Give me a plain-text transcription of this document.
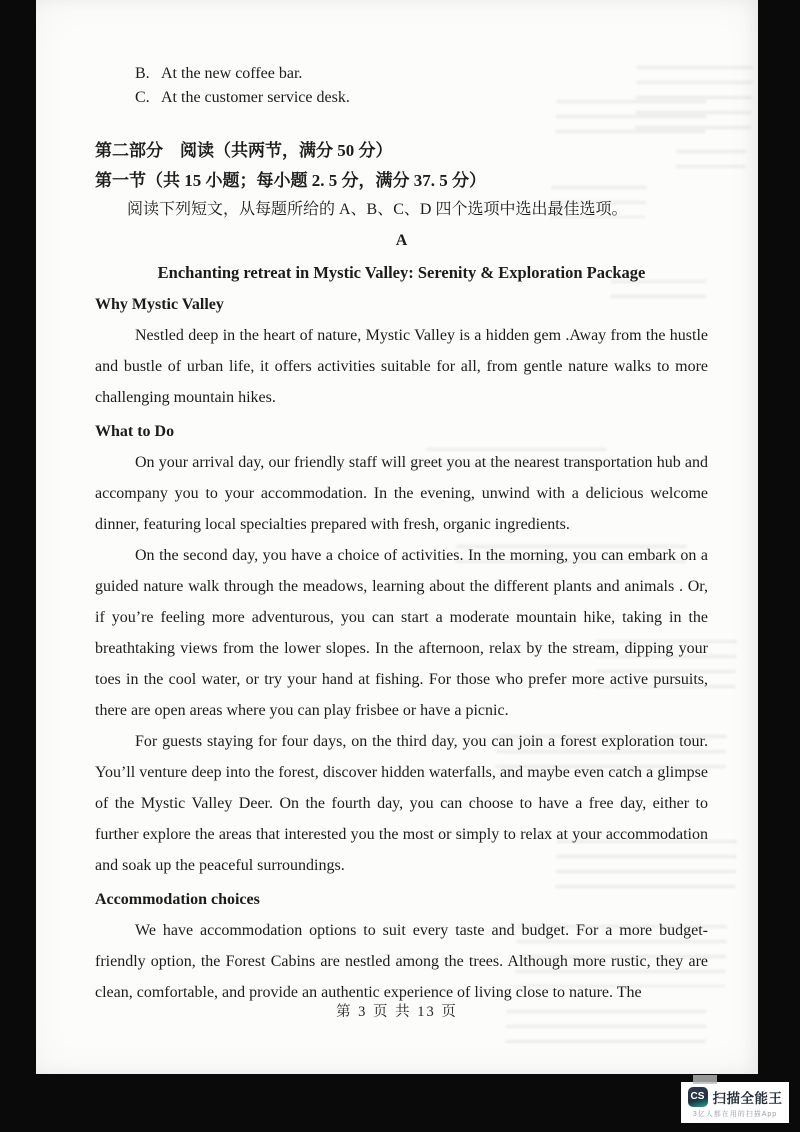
B. At the new coffee bar.
C. At the customer service desk.
第二部分　阅读（共两节，满分 50 分）
第一节（共 15 小题；每小题 2. 5 分，满分 37. 5 分）

阅读下列短文，从每题所给的 A、B、C、D 四个选项中选出最佳选项。

A
Enchanting retreat in Mystic Valley: Serenity & Exploration Package
Why Mystic Valley

Nestled deep in the heart of nature, Mystic Valley is a hidden gem .Away from the hustle and bustle of urban life, it offers activities suitable for all, from gentle nature walks to more challenging mountain hikes.

What to Do

On your arrival day, our friendly staff will greet you at the nearest transportation hub and accompany you to your accommodation. In the evening, unwind with a delicious welcome dinner, featuring local specialties prepared with fresh, organic ingredients.

On the second day, you have a choice of activities. In the morning, you can embark on a guided nature walk through the meadows, learning about the different plants and animals . Or, if you’re feeling more adventurous, you can start a moderate mountain hike, taking in the breathtaking views from the lower slopes. In the afternoon, relax by the stream, dipping your toes in the cool water, or try your hand at fishing. For those who prefer more active pursuits, there are open areas where you can play frisbee or have a picnic.

For guests staying for four days, on the third day, you can join a forest exploration tour. You’ll venture deep into the forest, discover hidden waterfalls, and maybe even catch a glimpse of the Mystic Valley Deer. On the fourth day, you can choose to have a free day, either to further explore the areas that interested you the most or simply to relax at your accommodation and soak up the peaceful surroundings.

Accommodation choices

We have accommodation options to suit every taste and budget. For a more budget-friendly option, the Forest Cabins are nestled among the trees. Although more rustic, they are clean, comfortable, and provide an authentic experience of living close to nature. The

第 3 页 共 13 页
CS 扫描全能王
3亿人都在用的扫描App
